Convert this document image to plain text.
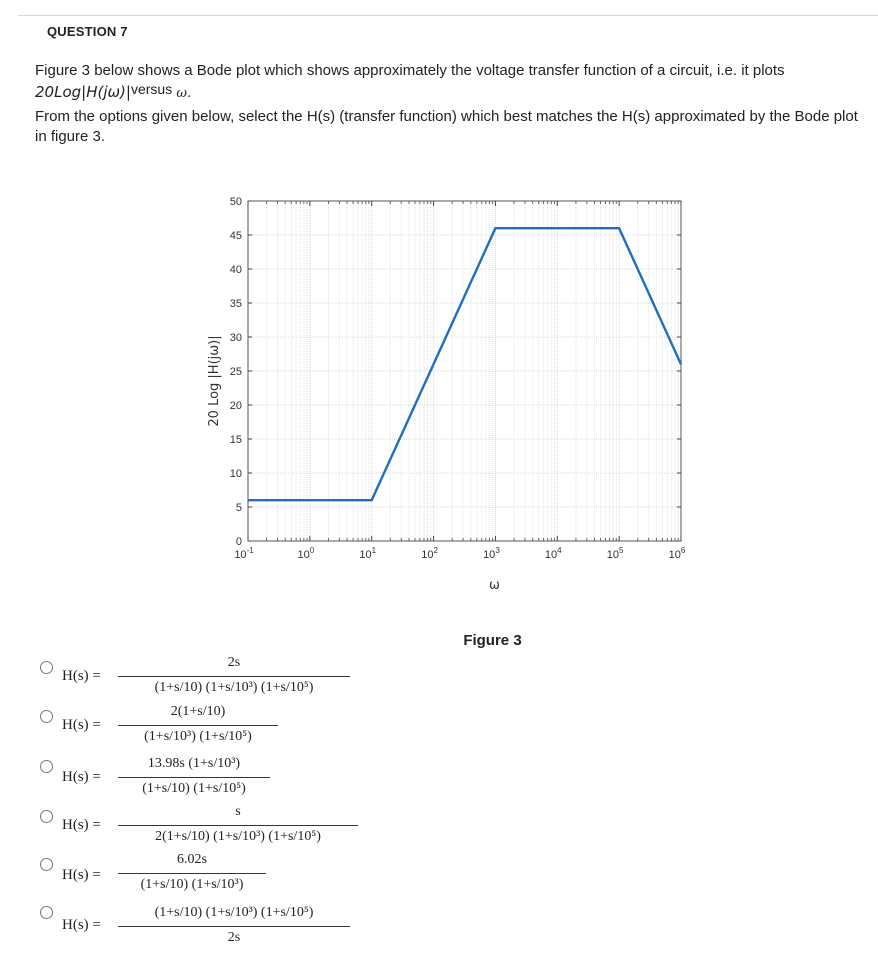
QUESTION 7
Figure 3 below shows a Bode plot which shows approximately the voltage transfer function of a circuit, i.e. it plots
20Log|H(jω)|versus ω.
From the options given below, select the H(s) (transfer function) which best matches the H(s) approximated by the Bode plot in figure 3.
0
5
10
15
20
25
30
35
40
45
50
$10^{-1}$	$10^0$	$10^1$	$10^2$	$10^3$	$10^4$	$10^5$	$10^6$
ω
20 Log |H(jω)|
Figure 3
H(s) =
2s
(1+s/10) (1+s/10³) (1+s/10⁵)
H(s) =
2(1+s/10)
(1+s/10³) (1+s/10⁵)
H(s) =
13.98s (1+s/10³)
(1+s/10) (1+s/10⁵)
H(s) =
s
2(1+s/10) (1+s/10³) (1+s/10⁵)
H(s) =
6.02s
(1+s/10) (1+s/10³)
H(s) =
(1+s/10) (1+s/10³) (1+s/10⁵)
2s
